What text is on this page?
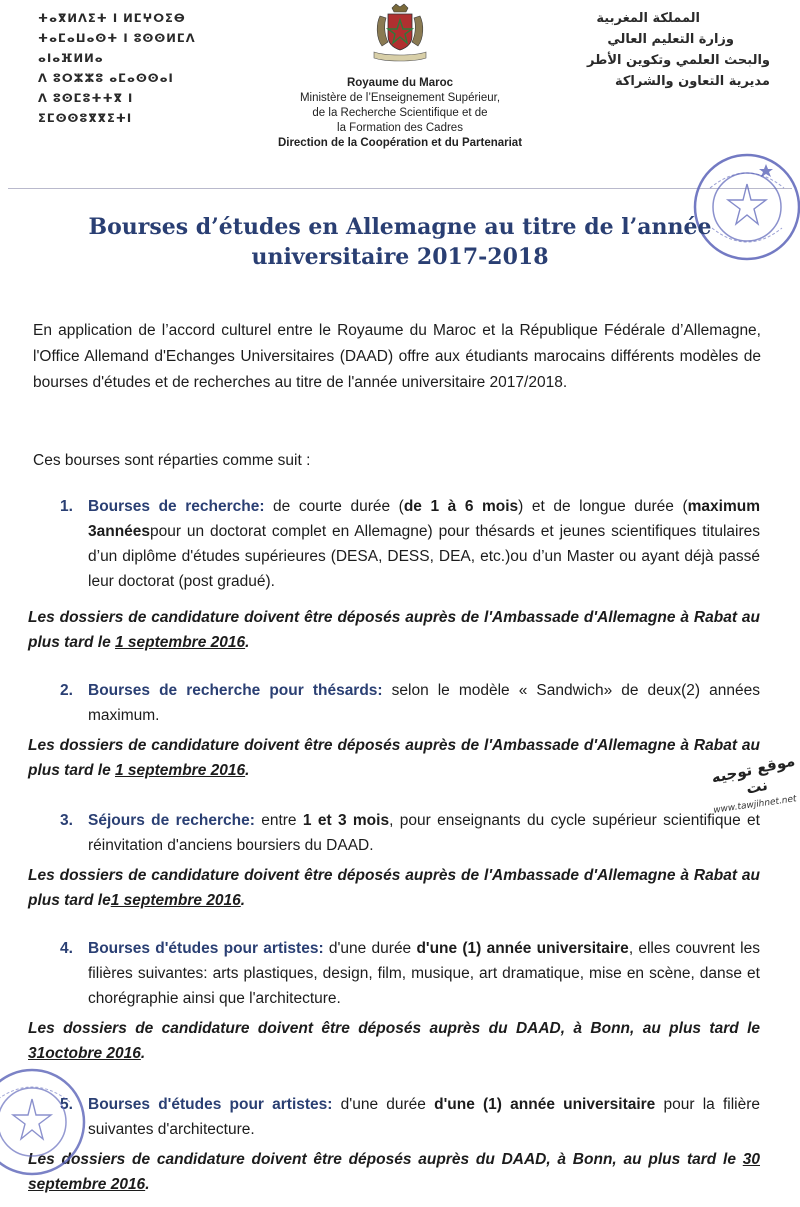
ⵜⴰⴳⵍⴷⵉⵜ ⵏ ⵍⵎⵖⵔⵉⴱ
ⵜⴰⵎⴰⵡⴰⵙⵜ ⵏ ⵓⵙⵙⵍⵎⴷ ⴰⵏⴰⴼⵍⵍⴰ
ⴷ ⵓⵔⵣⵣⵓ ⴰⵎⴰⵙⵙⴰⵏ
ⴷ ⵓⵙⵎⵓⵜⵜⴳ ⵏ ⵉⵎⵙⵙⵓⴳⴳⵉⵜⵏ
المملكة المغربية
وزارة التعليم العالي
والبحث العلمي وتكوين الأطر
مديرية التعاون والشراكة
Royaume du Maroc
Ministère de l’Enseignement Supérieur,
de la Recherche Scientifique et de
la Formation des Cadres
Direction de la Coopération et du Partenariat
Bourses d’études en Allemagne au titre de l’année
universitaire 2017-2018

En application de l’accord culturel entre le Royaume du Maroc et la République Fédérale d’Allemagne, l'Office Allemand d'Echanges Universitaires (DAAD) offre aux étudiants marocains différents modèles de bourses d'études et de recherches au titre de l'année universitaire 2017/2018.

Ces bourses sont réparties comme suit :

1. Bourses de recherche: de courte durée (de 1 à 6 mois) et de longue durée (maximum 3annéespour un doctorat complet en Allemagne) pour thésards et jeunes scientifiques titulaires d’un diplôme d'études supérieures (DESA, DESS, DEA, etc.)ou d’un Master ou ayant déjà passé leur doctorat (post gradué).
Les dossiers de candidature doivent être déposés auprès de l'Ambassade d'Allemagne à Rabat au plus tard le 1 septembre 2016.
2. Bourses de recherche pour thésards: selon le modèle « Sandwich» de deux(2) années maximum.
Les dossiers de candidature doivent être déposés auprès de l'Ambassade d'Allemagne à Rabat au plus tard le 1 septembre 2016.	موقع توجيه نت
www.tawjihnet.net
3. Séjours de recherche: entre 1 et 3 mois, pour enseignants du cycle supérieur scientifique et réinvitation d'anciens boursiers du DAAD.
Les dossiers de candidature doivent être déposés auprès de l'Ambassade d'Allemagne à Rabat au plus tard le1 septembre 2016.
4. Bourses d'études pour artistes: d'une durée d'une (1) année universitaire, elles couvrent les filières suivantes: arts plastiques, design, film, musique, art dramatique, mise en scène, danse et chorégraphie ainsi que l'architecture.
Les dossiers de candidature doivent être déposés auprès du DAAD, à Bonn, au plus tard le 31octobre 2016.
5. Bourses d'études pour artistes: d'une durée d'une (1) année universitaire pour la filière suivantes d'architecture.
Les dossiers de candidature doivent être déposés auprès du DAAD, à Bonn, au plus tard le 30 septembre 2016.
